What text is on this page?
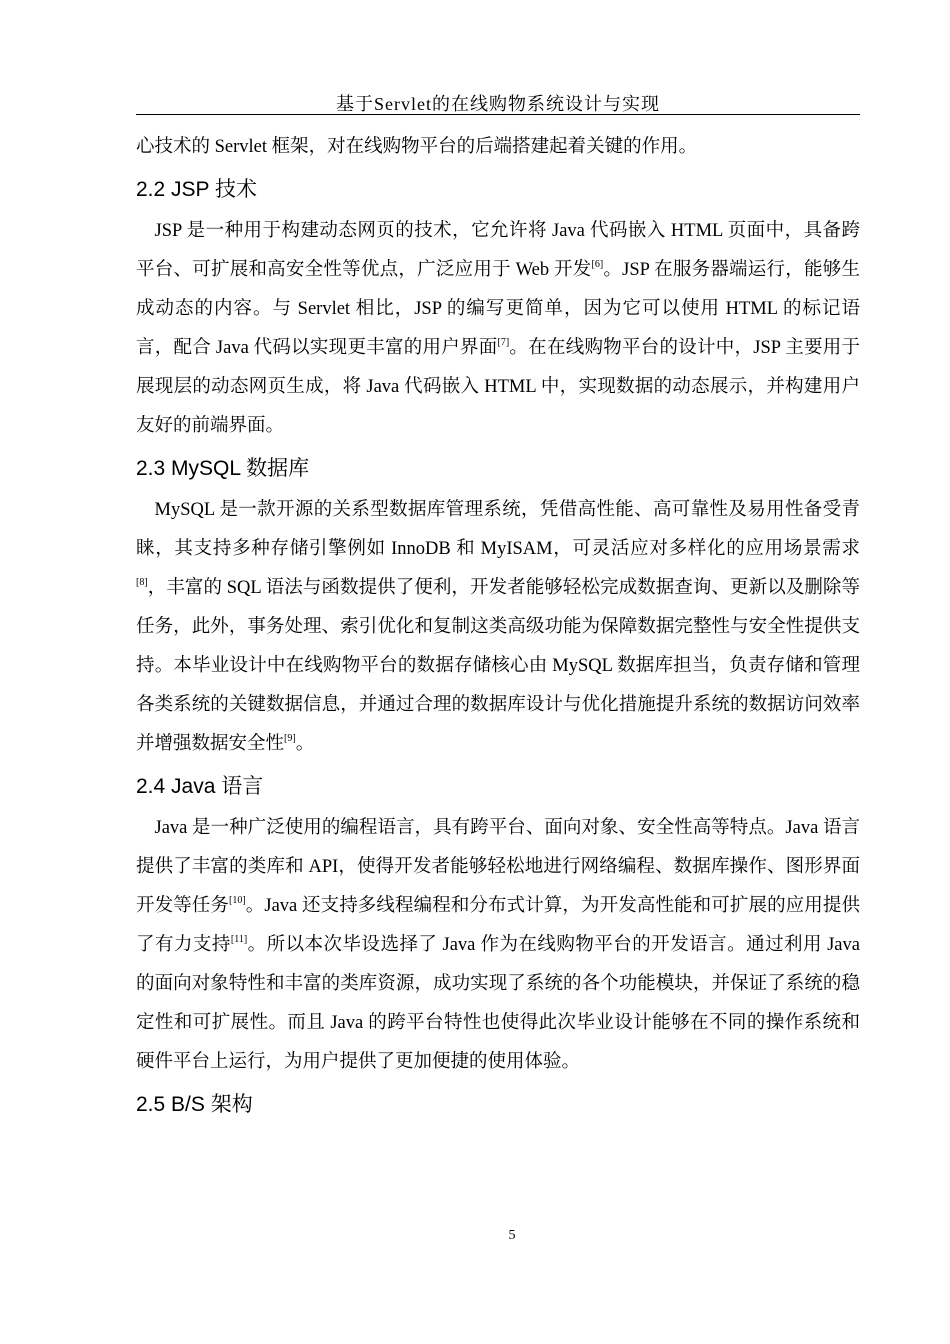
基于Servlet的在线购物系统设计与实现

心技术的 Servlet 框架，对在线购物平台的后端搭建起着关键的作用。

2.2 JSP 技术

JSP 是一种用于构建动态网页的技术，它允许将 Java 代码嵌入 HTML 页面中，具备跨平台、可扩展和高安全性等优点，广泛应用于 Web 开发[6]。JSP 在服务器端运行，能够生成动态的内容。与 Servlet 相比，JSP 的编写更简单，因为它可以使用 HTML 的标记语言，配合 Java 代码以实现更丰富的用户界面[7]。在在线购物平台的设计中，JSP 主要用于展现层的动态网页生成，将 Java 代码嵌入 HTML 中，实现数据的动态展示，并构建用户友好的前端界面。

2.3 MySQL 数据库

MySQL 是一款开源的关系型数据库管理系统，凭借高性能、高可靠性及易用性备受青睐，其支持多种存储引擎例如 InnoDB 和 MyISAM，可灵活应对多样化的应用场景需求[8]，丰富的 SQL 语法与函数提供了便利，开发者能够轻松完成数据查询、更新以及删除等任务，此外，事务处理、索引优化和复制这类高级功能为保障数据完整性与安全性提供支持。本毕业设计中在线购物平台的数据存储核心由 MySQL 数据库担当，负责存储和管理各类系统的关键数据信息，并通过合理的数据库设计与优化措施提升系统的数据访问效率并增强数据安全性[9]。

2.4 Java 语言

Java 是一种广泛使用的编程语言，具有跨平台、面向对象、安全性高等特点。Java 语言提供了丰富的类库和 API，使得开发者能够轻松地进行网络编程、数据库操作、图形界面开发等任务[10]。Java 还支持多线程编程和分布式计算，为开发高性能和可扩展的应用提供了有力支持[11]。所以本次毕设选择了 Java 作为在线购物平台的开发语言。通过利用 Java 的面向对象特性和丰富的类库资源，成功实现了系统的各个功能模块，并保证了系统的稳定性和可扩展性。而且 Java 的跨平台特性也使得此次毕业设计能够在不同的操作系统和硬件平台上运行，为用户提供了更加便捷的使用体验。

2.5 B/S 架构
5
